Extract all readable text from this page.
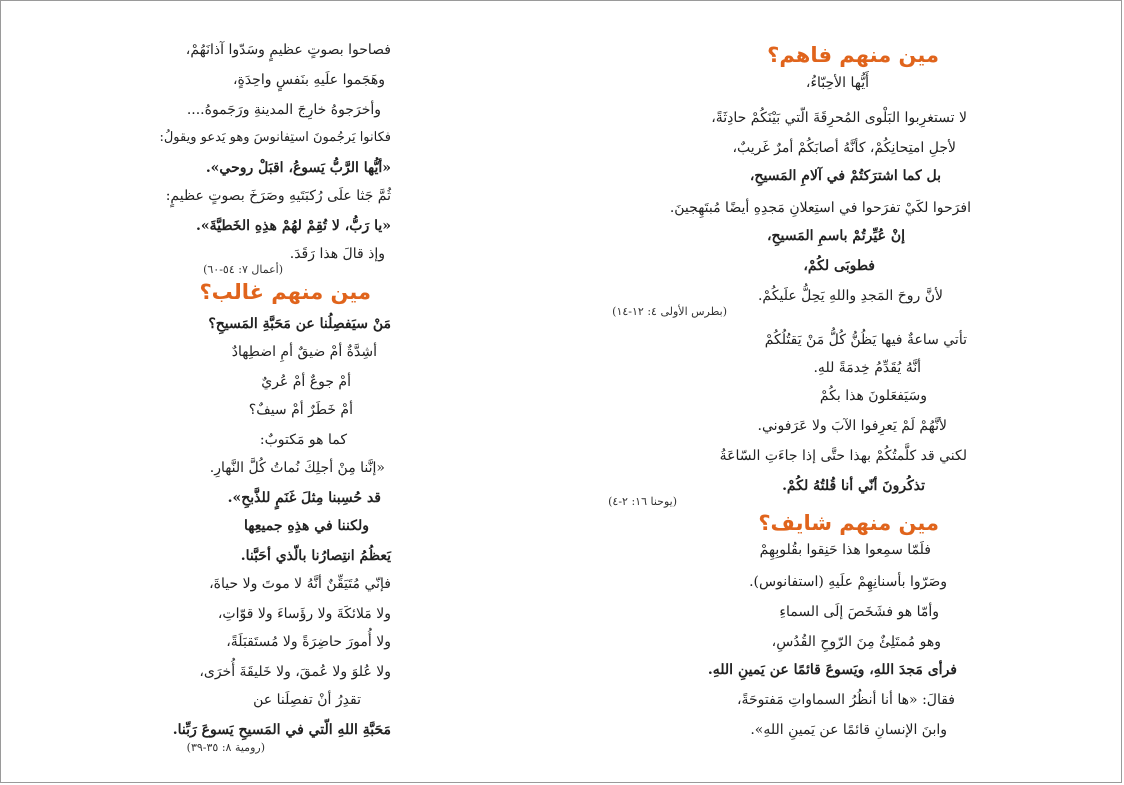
مين منهم فاهم؟
أَيُّها الأحِبّاءُ،
لا تستغرِبوا البَلْوى المُحرِقَةَ الّتي بَيْنَكُمْ حادِثَةً،
لأجلِ امتِحانِكُمْ، كأنَّهُ أصابَكُمْ أمرٌ غَريبٌ،
بل كما اشترَكتُمْ في آلامِ المَسيحِ،
افرَحوا لكَيْ تفرَحوا في استِعلانِ مَجدِهِ أيضًا مُبتَهِجينَ.
إنْ عُيِّرتُمْ باسمِ المَسيحِ،
فطوبَى لكُمْ،
لأنَّ روحَ المَجدِ واللهِ يَحِلُّ علَيكُمْ.
(بطرس الأولى ٤: ١٢-١٤)
تأتي ساعةٌ فيها يَظُنُّ كُلُّ مَنْ يَقتُلُكُمْ
أنَّهُ يُقَدِّمُ خِدمَةً للهِ.
وسَيَفعَلونَ هذا بكُمْ
لأنَّهُمْ لَمْ يَعرِفوا الآبَ ولا عَرَفوني.
لكني قد كلَّمتُكُمْ بهذا حتَّى إذا جاءَتِ السّاعَةُ
تذكُرونَ أنّي أنا قُلتُهُ لكُمْ.
(يوحنا ١٦: ٢-٤)
مين منهم شايف؟
فلَمّا سمِعوا هذا حَنِقوا بقُلوبِهِمْ
وصَرّوا بأسنانِهِمْ علَيهِ (استفانوس).
وأمّا هو فشَخَصَ إلَى السماءِ
وهو مُمتَلِئٌ مِنَ الرّوحِ القُدُسِ،
فرأى مَجدَ اللهِ، ويَسوعَ قائمًا عن يَمينِ اللهِ.
فقالَ: «ها أنا أنظُرُ السماواتِ مَفتوحَةً،
وابنَ الإنسانِ قائمًا عن يَمينِ اللهِ».
فصاحوا بصوتٍ عظيمٍ وسَدّوا آذانَهُمْ،
وهَجَموا علَيهِ بنَفسٍ واحِدَةٍ،
وأخرَجوهُ خارِجَ المدينةِ ورَجَموهُ....
فكانوا يَرجُمونَ استِفانوسَ وهو يَدعو ويقولُ:
«أيُّها الرَّبُّ يَسوعُ، اقبَلْ روحي».
ثُمَّ جَثا علَى رُكبَتَيهِ وصَرَخَ بصوتٍ عظيمٍ:
«يا رَبُّ، لا تُقِمْ لهُمْ هذِهِ الخَطيَّةَ».
وإذ قالَ هذا رَقَدَ.
(أعمال ٧: ٥٤-٦٠)
مين منهم غالب؟
مَنْ سيَفصِلُنا عن مَحَبَّةِ المَسيحِ؟
أشِدَّةٌ أمْ ضيقٌ أمِ اضطِهادٌ
أمْ جوعٌ أمْ عُريٌ
أمْ خَطَرٌ أمْ سيفٌ؟
كما هو مَكتوبٌ:
«إنَّنا مِنْ أجلِكَ نُماتُ كُلَّ النَّهارِ.
قد حُسِبنا مِثلَ غَنَمٍ للذَّبحِ».
ولكننا في هذِهِ جميعِها
يَعظُمُ انتِصارُنا بالّذي أحَبَّنا.
فإنّي مُتَيَقِّنٌ أنَّهُ لا موتَ ولا حياةَ،
ولا مَلائكَةَ ولا رؤَساءَ ولا قوّاتِ،
ولا أُمورَ حاضِرَةً ولا مُستَقبَلَةً،
ولا عُلوَ ولا عُمقَ، ولا خَليقَةَ أُخرَى،
تقدِرُ أنْ تفصِلَنا عن
مَحَبَّةِ اللهِ الّتي في المَسيحِ يَسوعَ رَبِّنا.
(رومية ٨: ٣٥-٣٩)
